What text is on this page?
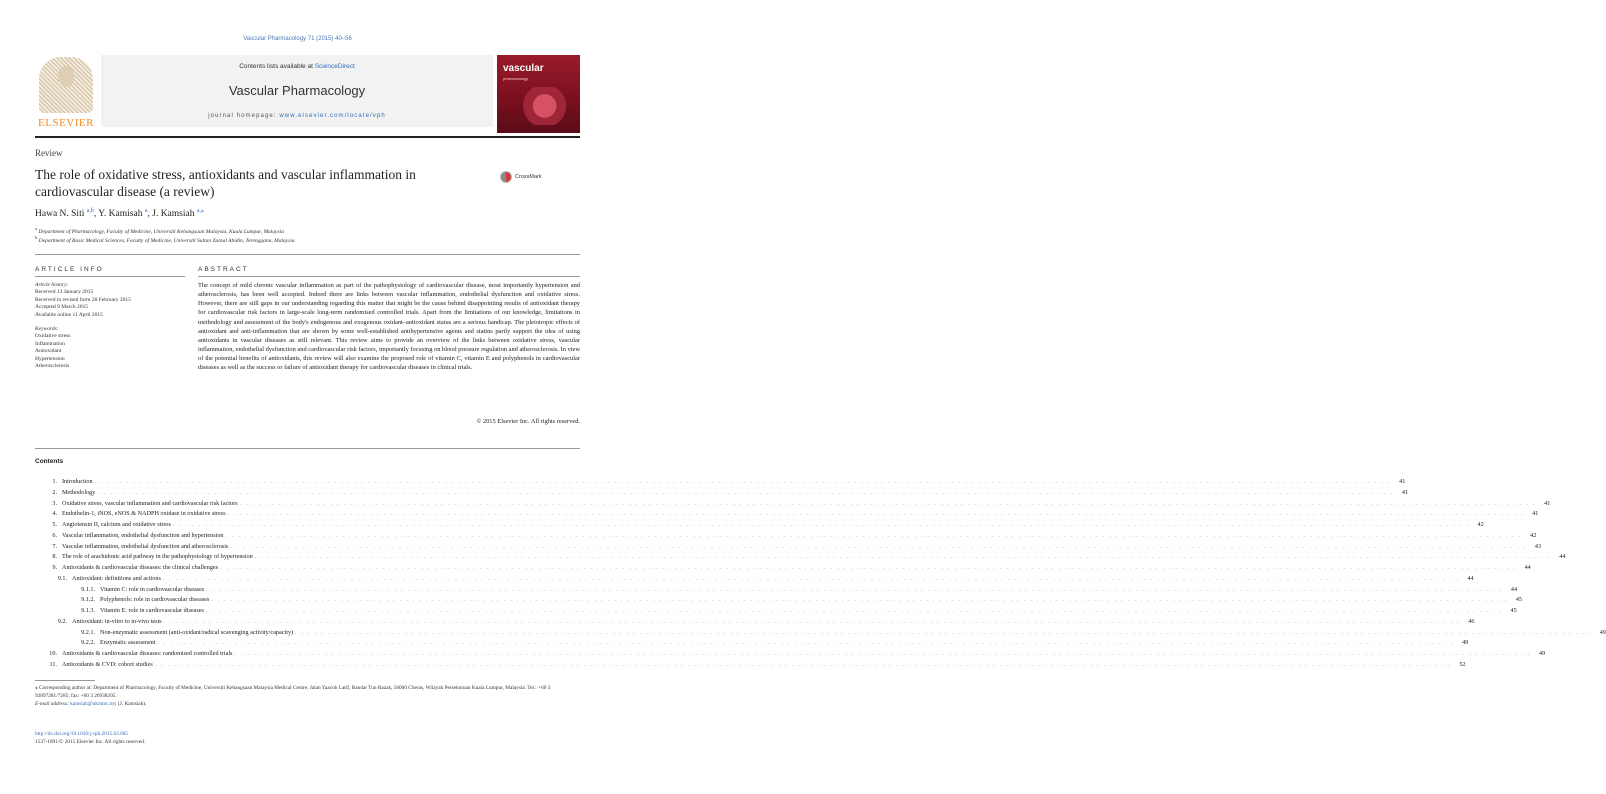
Vascular Pharmacology 71 (2015) 40–56
ELSEVIER
Contents lists available at ScienceDirect
Vascular Pharmacology
journal homepage: www.elsevier.com/locate/vph
vascular
pharmacology
Review
The role of oxidative stress, antioxidants and vascular inflammation in cardiovascular disease (a review)
CrossMark
Hawa N. Siti $^{a,b}$, Y. Kamisah $^a$, J. Kamsiah $^{a,⁎}$
$^a$ Department of Pharmacology, Faculty of Medicine, Universiti Kebangsaan Malaysia, Kuala Lumpur, Malaysia
$^b$ Department of Basic Medical Sciences, Faculty of Medicine, Universiti Sultan Zainal Abidin, Terengganu, Malaysia
ARTICLE INFO	ABSTRACT
Article history:
Received 13 January 2015
Received in revised form 28 February 2015
Accepted 9 March 2015
Available online 11 April 2015
Keywords:
Oxidative stress
Inflammation
Antioxidant
Hypertension
Atherosclerosis
The concept of mild chronic vascular inflammation as part of the pathophysiology of cardiovascular disease, most importantly hypertension and atherosclerosis, has been well accepted. Indeed there are links between vascular inflammation, endothelial dysfunction and oxidative stress. However, there are still gaps in our understanding regarding this matter that might be the cause behind disappointing results of antioxidant therapy for cardiovascular risk factors in large-scale long-term randomised controlled trials. Apart from the limitations of our knowledge, limitations in methodology and assessment of the body's endogenous and exogenous oxidant–antioxidant status are a serious handicap. The pleiotropic effects of antioxidant and anti-inflammation that are shown by some well-established antihypertensive agents and statins partly support the idea of using antioxidants in vascular diseases as still relevant. This review aims to provide an overview of the links between oxidative stress, vascular inflammation, endothelial dysfunction and cardiovascular risk factors, importantly focusing on blood pressure regulation and atherosclerosis. In view of the potential benefits of antioxidants, this review will also examine the proposed role of vitamin C, vitamin E and polyphenols in cardiovascular diseases as well as the success or failure of antioxidant therapy for cardiovascular diseases in clinical trials.
© 2015 Elsevier Inc. All rights reserved.
Contents
1. Introduction . . . . . . . . . . . . . . . . . . . . . . . . . . . . . . . . . . . . . . . . . . . . . . . . . . . . . . . . . . . . . . . . . . . . . . . . . . . . . . . . . . . . . . . . . . . . . . . . . . . . . . . . . . . . . . . . . . . . . . . . . . . . . . . . . . . . . . . . . . . . . . . . . . . . . . . . . . . . . . . . . . . . . . . . . . . . . . . . . . . . . . . . . . . . . . . . . . . . . . . .	41
2. Methodology . . . . . . . . . . . . . . . . . . . . . . . . . . . . . . . . . . . . . . . . . . . . . . . . . . . . . . . . . . . . . . . . . . . . . . . . . . . . . . . . . . . . . . . . . . . . . . . . . . . . . . . . . . . . . . . . . . . . . . . . . . . . . . . . . . . . . . . . . . . . . . . . . . . . . . . . . . . . . . . . . . . . . . . . . . . . . . . . . . . . . . . . . . . . . . . . . . . . . . . .	41
3. Oxidative stress, vascular inflammation and cardiovascular risk factors . . . . . . . . . . . . . . . . . . . . . . . . . . . . . . . . . . . . . . . . . . . . . . . . . . . . . . . . . . . . . . . . . . . . . . . . . . . . . . . . . . . . . . . . . . . . . . . . . . . . . . . . . . . . . . . . . . . . . . . . . . . . . . . . . . . . . . . . . . . . . . . . . . . . . . . . . . . . . . . . . . . . . . . . . . . . . . . . . . . . . . . . . . . . . . . . . . . . . . . .	41
4. Endothelin-1, iNOS, eNOS & NADPH oxidase in oxidative stress . . . . . . . . . . . . . . . . . . . . . . . . . . . . . . . . . . . . . . . . . . . . . . . . . . . . . . . . . . . . . . . . . . . . . . . . . . . . . . . . . . . . . . . . . . . . . . . . . . . . . . . . . . . . . . . . . . . . . . . . . . . . . . . . . . . . . . . . . . . . . . . . . . . . . . . . . . . . . . . . . . . . . . . . . . . . . . . . . . . . . . . . . . . . . . . . . . . . . . . .	41
5. Angiotensin II, calcium and oxidative stress . . . . . . . . . . . . . . . . . . . . . . . . . . . . . . . . . . . . . . . . . . . . . . . . . . . . . . . . . . . . . . . . . . . . . . . . . . . . . . . . . . . . . . . . . . . . . . . . . . . . . . . . . . . . . . . . . . . . . . . . . . . . . . . . . . . . . . . . . . . . . . . . . . . . . . . . . . . . . . . . . . . . . . . . . . . . . . . . . . . . . . . . . . . . . . . . . . . . . . . .	42
6. Vascular inflammation, endothelial dysfunction and hypertension . . . . . . . . . . . . . . . . . . . . . . . . . . . . . . . . . . . . . . . . . . . . . . . . . . . . . . . . . . . . . . . . . . . . . . . . . . . . . . . . . . . . . . . . . . . . . . . . . . . . . . . . . . . . . . . . . . . . . . . . . . . . . . . . . . . . . . . . . . . . . . . . . . . . . . . . . . . . . . . . . . . . . . . . . . . . . . . . . . . . . . . . . . . . . . . . . . . . . . . .	42
7. Vascular inflammation, endothelial dysfunction and atherosclerosis . . . . . . . . . . . . . . . . . . . . . . . . . . . . . . . . . . . . . . . . . . . . . . . . . . . . . . . . . . . . . . . . . . . . . . . . . . . . . . . . . . . . . . . . . . . . . . . . . . . . . . . . . . . . . . . . . . . . . . . . . . . . . . . . . . . . . . . . . . . . . . . . . . . . . . . . . . . . . . . . . . . . . . . . . . . . . . . . . . . . . . . . . . . . . . . . . . . . . . . .	43
8. The role of arachidonic acid pathway in the pathophysiology of hypertension . . . . . . . . . . . . . . . . . . . . . . . . . . . . . . . . . . . . . . . . . . . . . . . . . . . . . . . . . . . . . . . . . . . . . . . . . . . . . . . . . . . . . . . . . . . . . . . . . . . . . . . . . . . . . . . . . . . . . . . . . . . . . . . . . . . . . . . . . . . . . . . . . . . . . . . . . . . . . . . . . . . . . . . . . . . . . . . . . . . . . . . . . . . . . . . . . . . . . . . .	44
9. Antioxidants & cardiovascular diseases: the clinical challenges . . . . . . . . . . . . . . . . . . . . . . . . . . . . . . . . . . . . . . . . . . . . . . . . . . . . . . . . . . . . . . . . . . . . . . . . . . . . . . . . . . . . . . . . . . . . . . . . . . . . . . . . . . . . . . . . . . . . . . . . . . . . . . . . . . . . . . . . . . . . . . . . . . . . . . . . . . . . . . . . . . . . . . . . . . . . . . . . . . . . . . . . . . . . . . . . . . . . . . . .	44
9.1. Antioxidant: definitions and actions . . . . . . . . . . . . . . . . . . . . . . . . . . . . . . . . . . . . . . . . . . . . . . . . . . . . . . . . . . . . . . . . . . . . . . . . . . . . . . . . . . . . . . . . . . . . . . . . . . . . . . . . . . . . . . . . . . . . . . . . . . . . . . . . . . . . . . . . . . . . . . . . . . . . . . . . . . . . . . . . . . . . . . . . . . . . . . . . . . . . . . . . . . . . . . . . . . . . . . . .	44
9.1.1. Vitamin C: role in cardiovascular diseases . . . . . . . . . . . . . . . . . . . . . . . . . . . . . . . . . . . . . . . . . . . . . . . . . . . . . . . . . . . . . . . . . . . . . . . . . . . . . . . . . . . . . . . . . . . . . . . . . . . . . . . . . . . . . . . . . . . . . . . . . . . . . . . . . . . . . . . . . . . . . . . . . . . . . . . . . . . . . . . . . . . . . . . . . . . . . . . . . . . . . . . . . . . . . . . . . . . . . . . .	44
9.1.2. Polyphenols: role in cardiovascular diseases . . . . . . . . . . . . . . . . . . . . . . . . . . . . . . . . . . . . . . . . . . . . . . . . . . . . . . . . . . . . . . . . . . . . . . . . . . . . . . . . . . . . . . . . . . . . . . . . . . . . . . . . . . . . . . . . . . . . . . . . . . . . . . . . . . . . . . . . . . . . . . . . . . . . . . . . . . . . . . . . . . . . . . . . . . . . . . . . . . . . . . . . . . . . . . . . . . . . . . . .	45
9.1.3. Vitamin E: role in cardiovascular diseases . . . . . . . . . . . . . . . . . . . . . . . . . . . . . . . . . . . . . . . . . . . . . . . . . . . . . . . . . . . . . . . . . . . . . . . . . . . . . . . . . . . . . . . . . . . . . . . . . . . . . . . . . . . . . . . . . . . . . . . . . . . . . . . . . . . . . . . . . . . . . . . . . . . . . . . . . . . . . . . . . . . . . . . . . . . . . . . . . . . . . . . . . . . . . . . . . . . . . . . .	45
9.2. Antioxidant: in-vitro to in-vivo tests . . . . . . . . . . . . . . . . . . . . . . . . . . . . . . . . . . . . . . . . . . . . . . . . . . . . . . . . . . . . . . . . . . . . . . . . . . . . . . . . . . . . . . . . . . . . . . . . . . . . . . . . . . . . . . . . . . . . . . . . . . . . . . . . . . . . . . . . . . . . . . . . . . . . . . . . . . . . . . . . . . . . . . . . . . . . . . . . . . . . . . . . . . . . . . . . . . . . . . . .	46
9.2.1. Non-enzymatic assessment (anti-oxidant/radical scavenging activity/capacity) . . . . . . . . . . . . . . . . . . . . . . . . . . . . . . . . . . . . . . . . . . . . . . . . . . . . . . . . . . . . . . . . . . . . . . . . . . . . . . . . . . . . . . . . . . . . . . . . . . . . . . . . . . . . . . . . . . . . . . . . . . . . . . . . . . . . . . . . . . . . . . . . . . . . . . . . . . . . . . . . . . . . . . . . . . . . . . . . . . . . . . . . . . . . . . . . . . . . . . . .	49
9.2.2. Enzymatic assessment . . . . . . . . . . . . . . . . . . . . . . . . . . . . . . . . . . . . . . . . . . . . . . . . . . . . . . . . . . . . . . . . . . . . . . . . . . . . . . . . . . . . . . . . . . . . . . . . . . . . . . . . . . . . . . . . . . . . . . . . . . . . . . . . . . . . . . . . . . . . . . . . . . . . . . . . . . . . . . . . . . . . . . . . . . . . . . . . . . . . . . . . . . . . . . . . . . . . . . . .	49
10. Antioxidants & cardiovascular diseases: randomised controlled trials . . . . . . . . . . . . . . . . . . . . . . . . . . . . . . . . . . . . . . . . . . . . . . . . . . . . . . . . . . . . . . . . . . . . . . . . . . . . . . . . . . . . . . . . . . . . . . . . . . . . . . . . . . . . . . . . . . . . . . . . . . . . . . . . . . . . . . . . . . . . . . . . . . . . . . . . . . . . . . . . . . . . . . . . . . . . . . . . . . . . . . . . . . . . . . . . . . . . . . . .	49
11. Antioxidants & CVD: cohort studies . . . . . . . . . . . . . . . . . . . . . . . . . . . . . . . . . . . . . . . . . . . . . . . . . . . . . . . . . . . . . . . . . . . . . . . . . . . . . . . . . . . . . . . . . . . . . . . . . . . . . . . . . . . . . . . . . . . . . . . . . . . . . . . . . . . . . . . . . . . . . . . . . . . . . . . . . . . . . . . . . . . . . . . . . . . . . . . . . . . . . . . . . . . . . . . . . . . . . . . .	52
⁎ Corresponding author at: Department of Pharmacology, Faculty of Medicine, Universiti Kebangsaan Malaysia Medical Centre, Jalan Yaacob Latif, Bandar Tun Razak, 56000 Cheras, Wilayah Persekutuan Kuala Lumpur, Malaysia. Tel.: +60 3 92897281/7285; fax: +60 3 26938205.
E-mail address: kamsiah@ukmmc.my (J. Kamsiah).
http://dx.doi.org/10.1016/j.vph.2015.03.005
1537-1891/© 2015 Elsevier Inc. All rights reserved.
